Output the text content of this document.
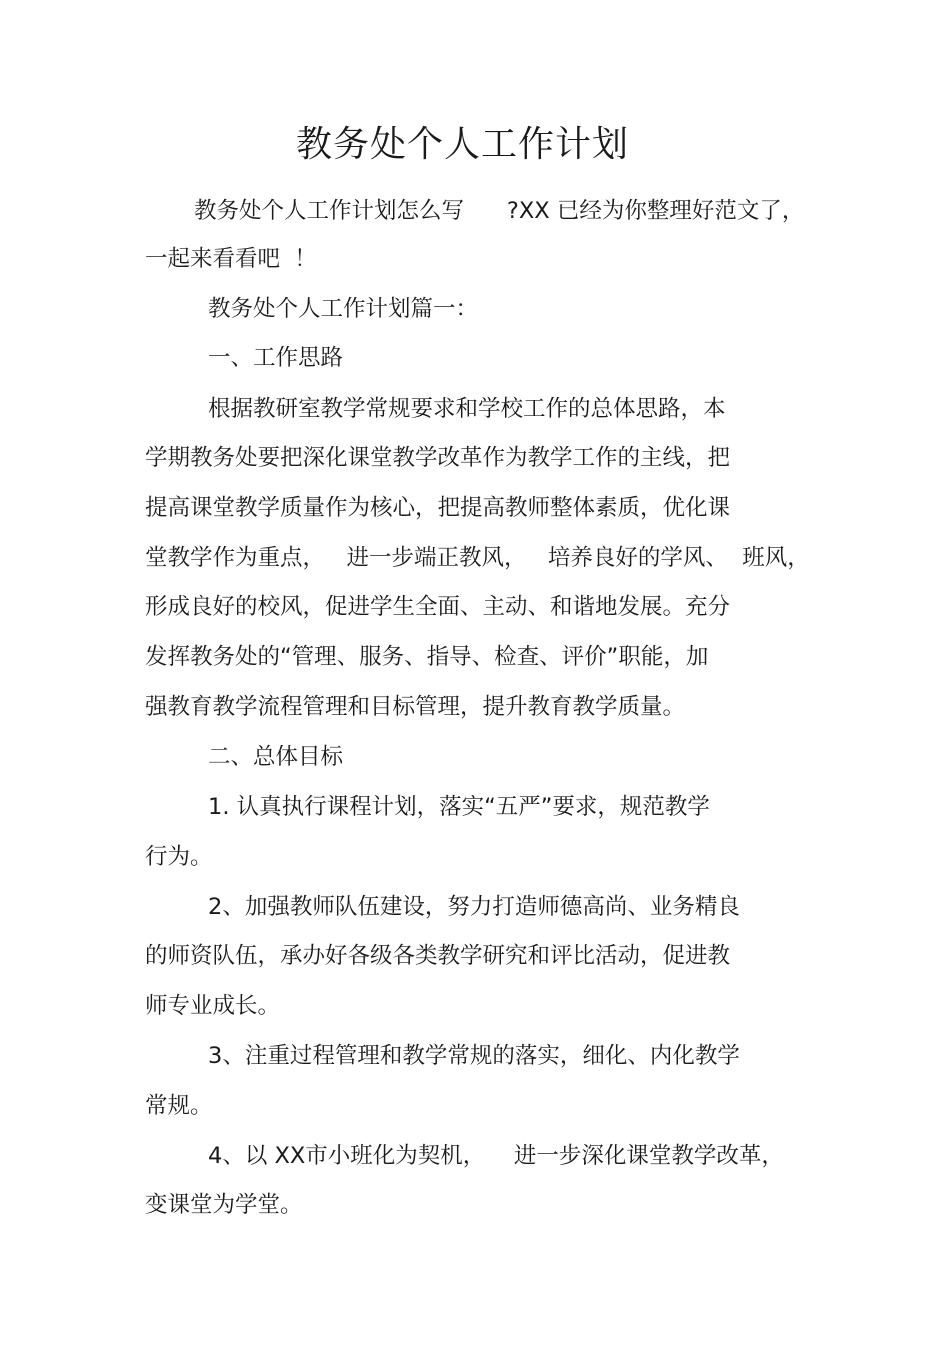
教务处个人工作计划
教务处个人工作计划怎么写      ?XX 已经为你整理好范文了，
一起来看看吧  ！
教务处个人工作计划篇一：
一、工作思路
根据教研室教学常规要求和学校工作的总体思路，本
学期教务处要把深化课堂教学改革作为教学工作的主线，把
提高课堂教学质量作为核心，把提高教师整体素质，优化课
堂教学作为重点，   进一步端正教风，   培养良好的学风、  班风，
形成良好的校风，促进学生全面、主动、和谐地发展。充分
发挥教务处的“管理、服务、指导、检查、评价”职能，加
强教育教学流程管理和目标管理，提升教育教学质量。
二、总体目标
1. 认真执行课程计划，落实“五严”要求，规范教学
行为。
2、加强教师队伍建设，努力打造师德高尚、业务精良
的师资队伍，承办好各级各类教学研究和评比活动，促进教
师专业成长。
3、注重过程管理和教学常规的落实，细化、内化教学
常规。
4、以 XX市小班化为契机，    进一步深化课堂教学改革，
变课堂为学堂。
